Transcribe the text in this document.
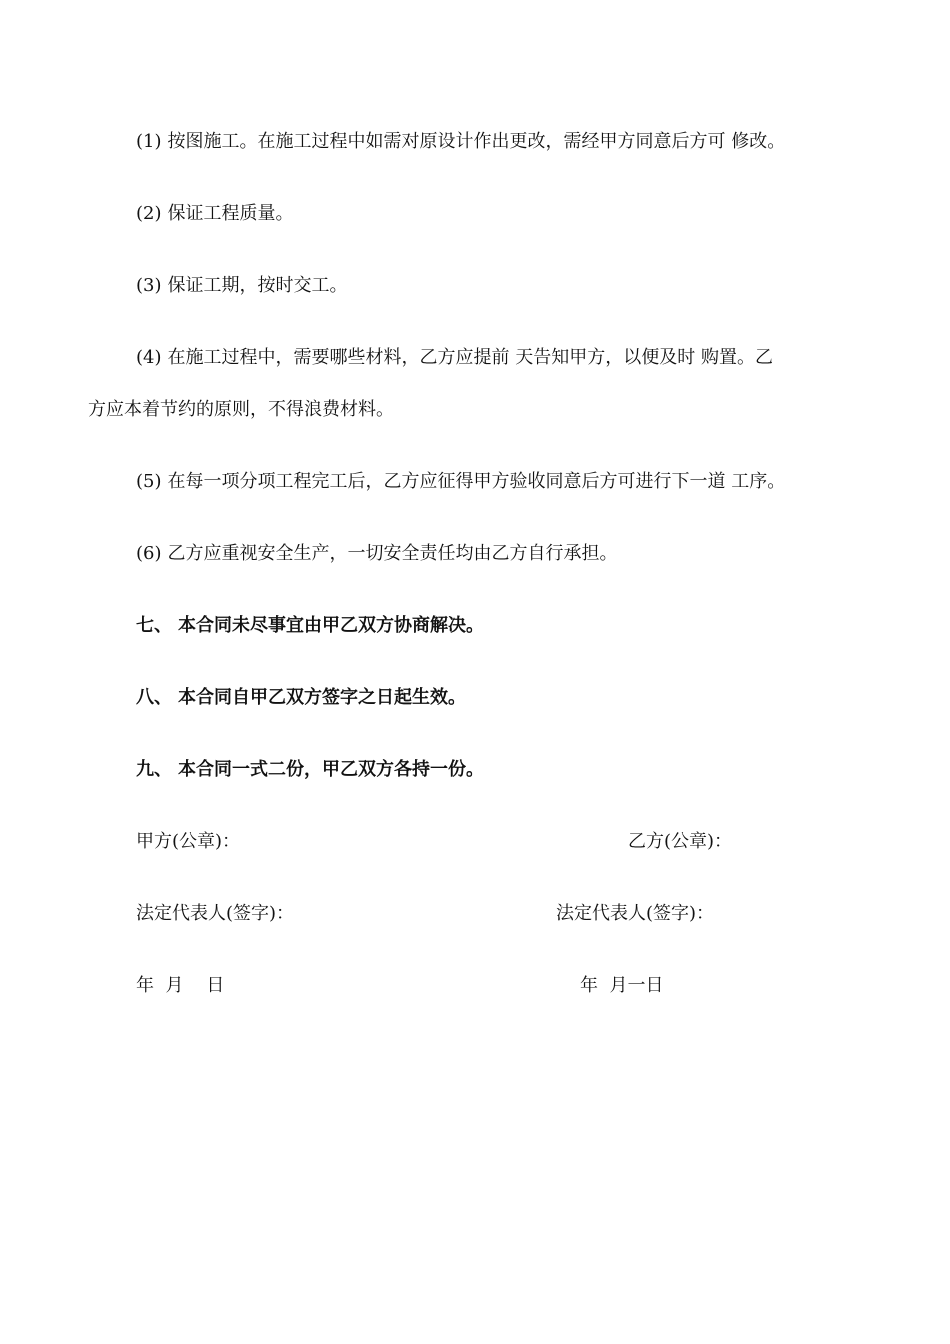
(1) 按图施工。在施工过程中如需对原设计作出更改，需经甲方同意后方可 修改。
(2) 保证工程质量。
(3) 保证工期，按时交工。
(4) 在施工过程中，需要哪些材料，乙方应提前 天告知甲方，以便及时 购置。乙
方应本着节约的原则，不得浪费材料。
(5) 在每一项分项工程完工后，乙方应征得甲方验收同意后方可进行下一道 工序。
(6) 乙方应重视安全生产，一切安全责任均由乙方自行承担。
七、 本合同未尽事宜由甲乙双方协商解决。
八、 本合同自甲乙双方签字之日起生效。
九、 本合同一式二份，甲乙双方各持一份。
甲方(公章)：	乙方(公章)：
法定代表人(签字)：	法定代表人(签字)：
年  月    日	年  月一日
